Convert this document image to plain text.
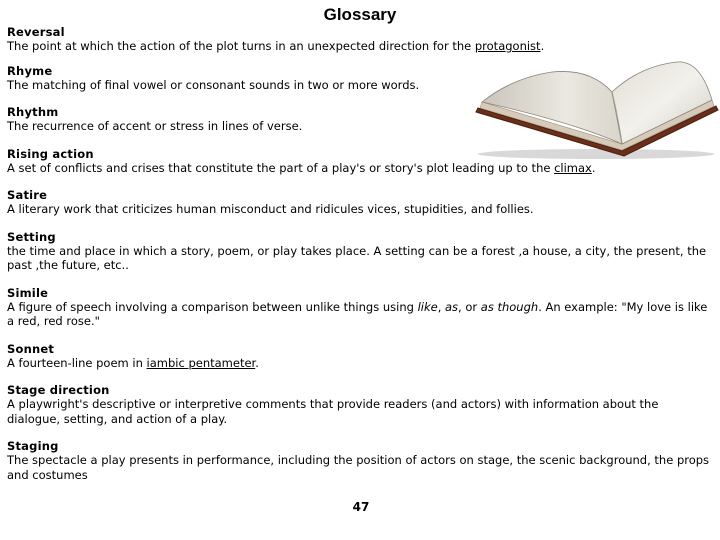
Glossary
Reversal
The point at which the action of the plot turns in an unexpected direction for the protagonist.
Rhyme
The matching of final vowel or consonant sounds in two or more words.
Rhythm
The recurrence of accent or stress in lines of verse.
Rising action
A set of conflicts and crises that constitute the part of a play's or story's plot leading up to the climax.
Satire
A literary work that criticizes human misconduct and ridicules vices, stupidities, and follies.
Setting
the time and place in which a story, poem, or play takes place. A setting can be a forest ,a house, a city, the present, the past ,the future, etc..
Simile
A figure of speech involving a comparison between unlike things using like, as, or as though. An example: "My love is like a red, red rose."
Sonnet
A fourteen-line poem in iambic pentameter.
Stage direction
A playwright's descriptive or interpretive comments that provide readers (and actors) with information about the dialogue, setting, and action of a play.
Staging
The spectacle a play presents in performance, including the position of actors on stage, the scenic background, the props and costumes
47
